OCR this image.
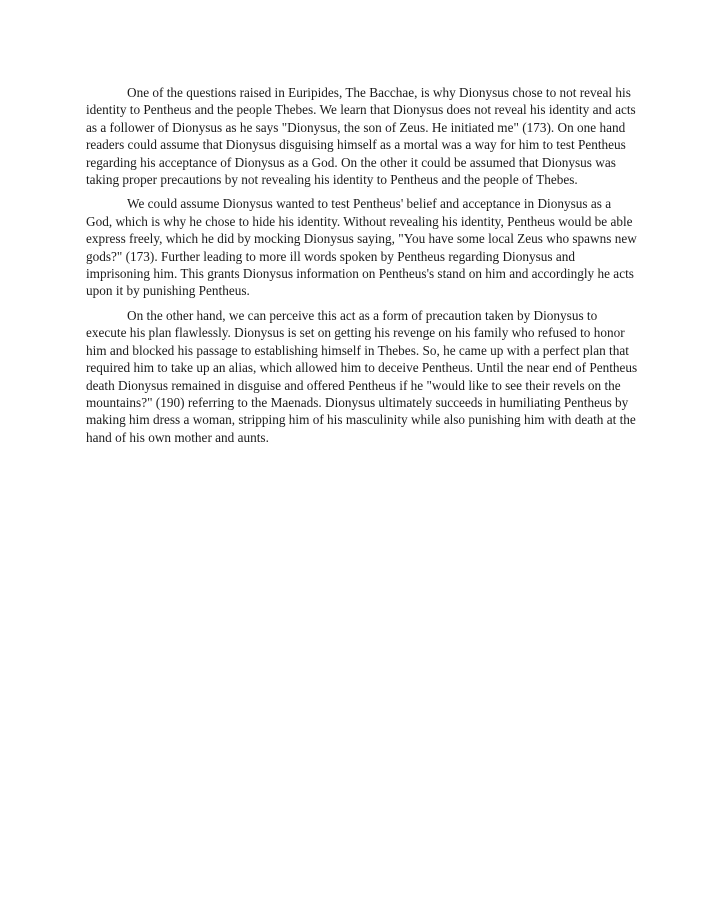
One of the questions raised in Euripides, The Bacchae, is why Dionysus chose to not reveal his identity to Pentheus and the people Thebes. We learn that Dionysus does not reveal his identity and acts as a follower of Dionysus as he says "Dionysus, the son of Zeus. He initiated me" (173). On one hand readers could assume that Dionysus disguising himself as a mortal was a way for him to test Pentheus regarding his acceptance of Dionysus as a God. On the other it could be assumed that Dionysus was taking proper precautions by not revealing his identity to Pentheus and the people of Thebes.

We could assume Dionysus wanted to test Pentheus' belief and acceptance in Dionysus as a God, which is why he chose to hide his identity. Without revealing his identity, Pentheus would be able express freely, which he did by mocking Dionysus saying, "You have some local Zeus who spawns new gods?" (173). Further leading to more ill words spoken by Pentheus regarding Dionysus and imprisoning him. This grants Dionysus information on Pentheus's stand on him and accordingly he acts upon it by punishing Pentheus.

On the other hand, we can perceive this act as a form of precaution taken by Dionysus to execute his plan flawlessly. Dionysus is set on getting his revenge on his family who refused to honor him and blocked his passage to establishing himself in Thebes. So, he came up with a perfect plan that required him to take up an alias, which allowed him to deceive Pentheus. Until the near end of Pentheus death Dionysus remained in disguise and offered Pentheus if he "would like to see their revels on the mountains?" (190) referring to the Maenads. Dionysus ultimately succeeds in humiliating Pentheus by making him dress a woman, stripping him of his masculinity while also punishing him with death at the hand of his own mother and aunts.
